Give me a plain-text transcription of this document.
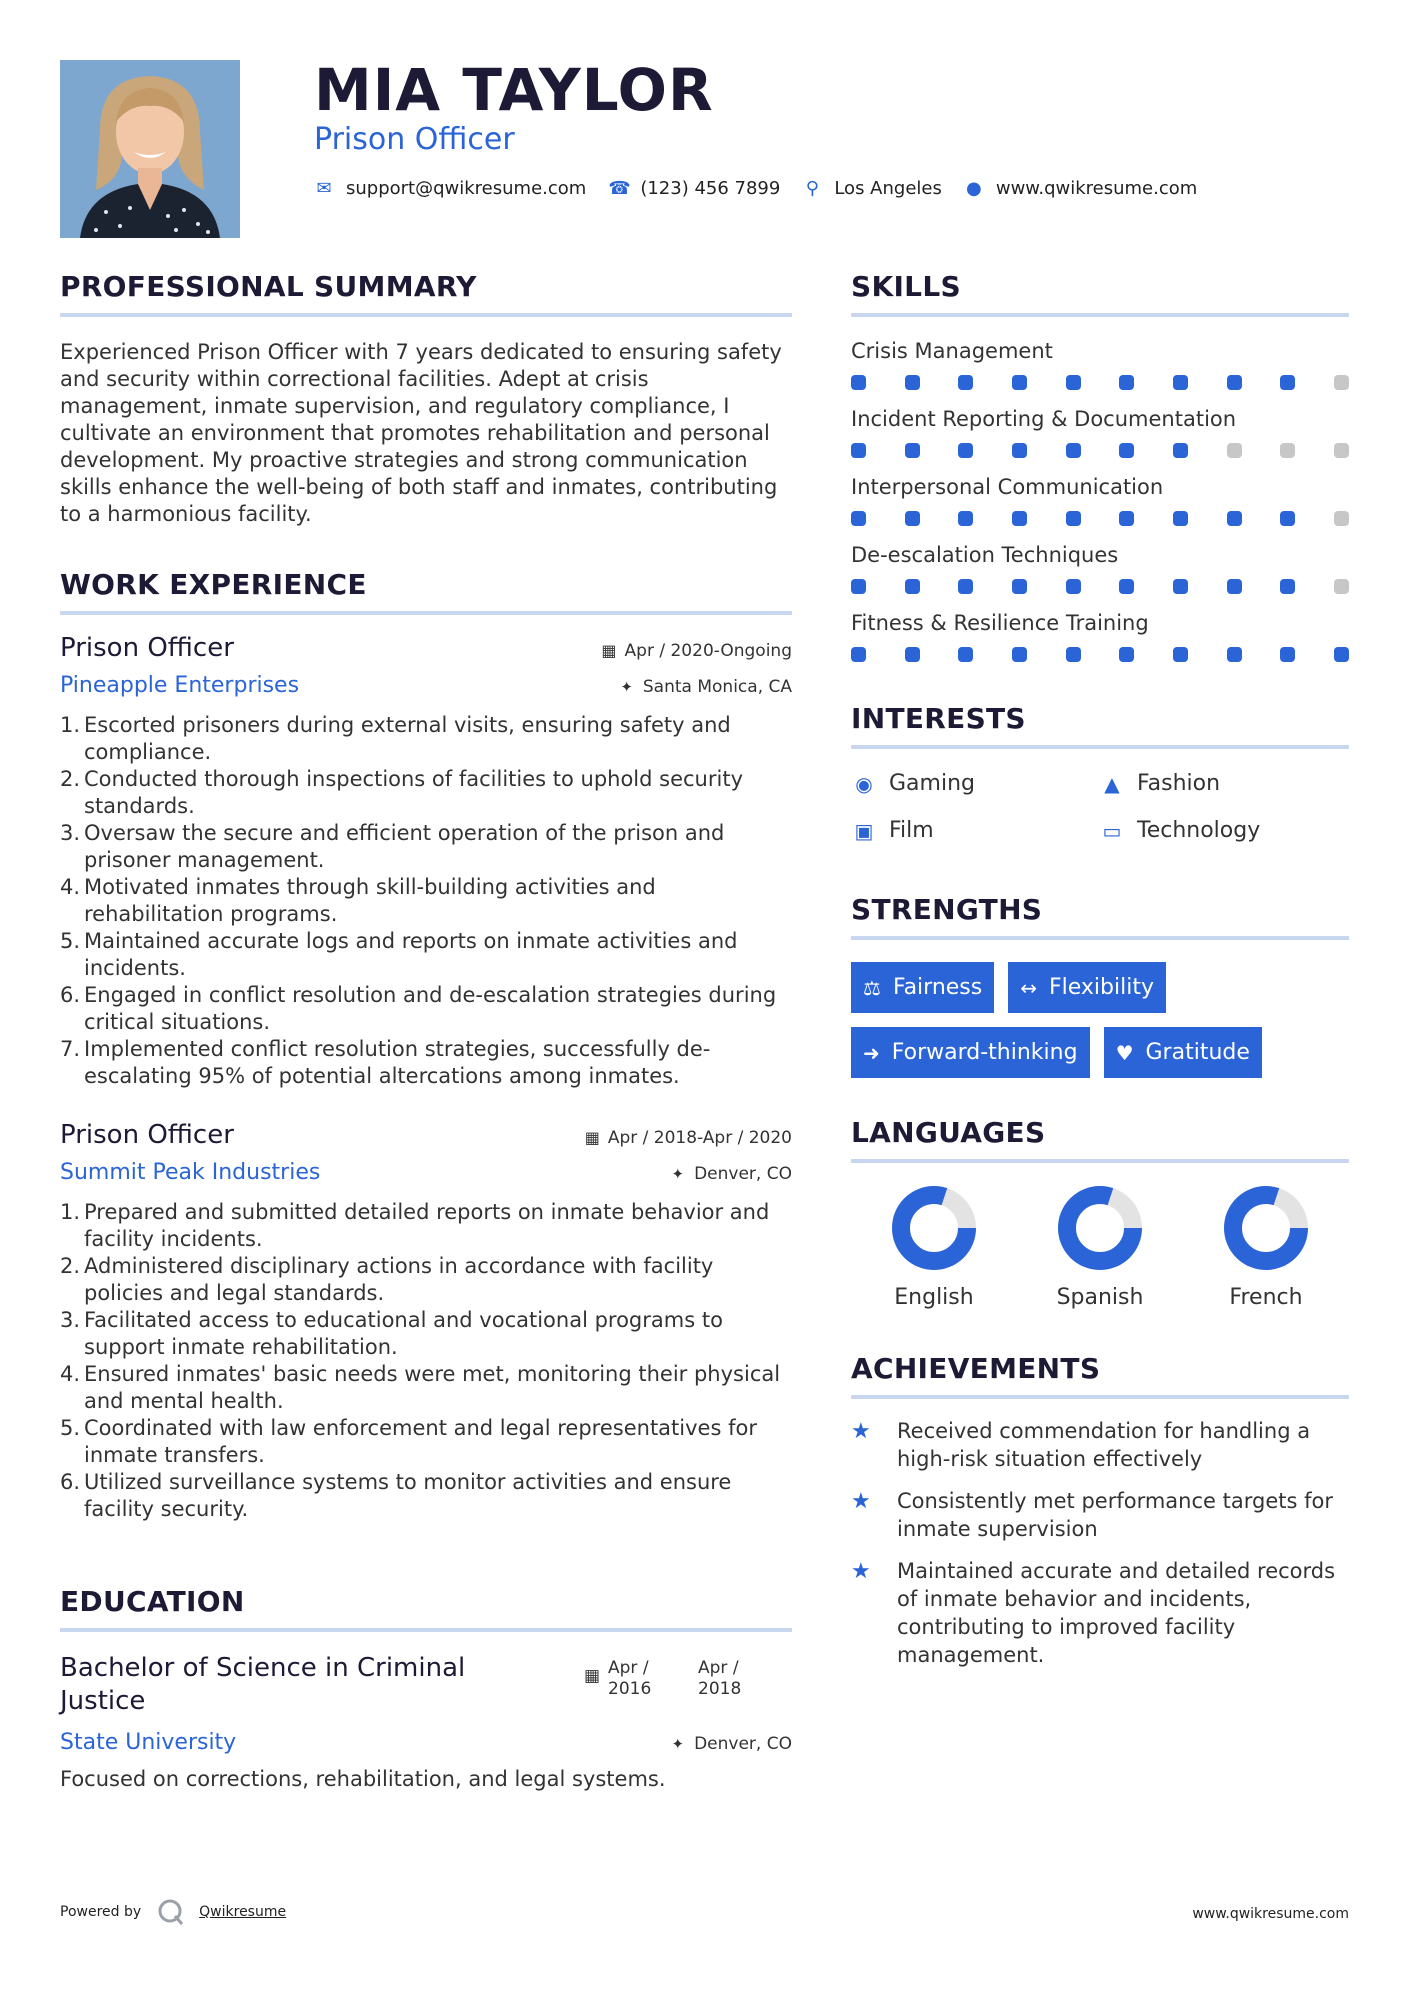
MIA TAYLOR
Prison Officer
✉ support@qwikresume.com ☎ (123) 456 7899 ⚲ Los Angeles ● www.qwikresume.com
PROFESSIONAL SUMMARY

Experienced Prison Officer with 7 years dedicated to ensuring safety and security within correctional facilities. Adept at crisis management, inmate supervision, and regulatory compliance, I cultivate an environment that promotes rehabilitation and personal development. My proactive strategies and strong communication skills enhance the well-being of both staff and inmates, contributing to a harmonious facility.

WORK EXPERIENCE
Prison Officer	▦ Apr / 2020-Ongoing
Pineapple Enterprises	✦ Santa Monica, CA
1 . Escorted prisoners during external visits, ensuring safety and compliance.
2 . Conducted thorough inspections of facilities to uphold security standards.
3 . Oversaw the secure and efficient operation of the prison and prisoner management.
4 . Motivated inmates through skill-building activities and rehabilitation programs.
5 . Maintained accurate logs and reports on inmate activities and incidents.
6 . Engaged in conflict resolution and de-escalation strategies during critical situations.
7 . Implemented conflict resolution strategies, successfully de-escalating 95% of potential altercations among inmates.
Prison Officer	▦ Apr / 2018-Apr / 2020
Summit Peak Industries	✦ Denver, CO
1 . Prepared and submitted detailed reports on inmate behavior and facility incidents.
2 . Administered disciplinary actions in accordance with facility policies and legal standards.
3 . Facilitated access to educational and vocational programs to support inmate rehabilitation.
4 . Ensured inmates' basic needs were met, monitoring their physical and mental health.
5 . Coordinated with law enforcement and legal representatives for inmate transfers.
6 . Utilized surveillance systems to monitor activities and ensure facility security.
EDUCATION
Bachelor of Science in Criminal Justice
▦ Apr / 2016
Apr / 2018
State University	✦ Denver, CO

Focused on corrections, rehabilitation, and legal systems.

SKILLS
Crisis Management
Incident Reporting & Documentation
Interpersonal Communication
De-escalation Techniques
Fitness & Resilience Training
INTERESTS
◉ Gaming	▲ Fashion
▣ Film	▭ Technology
STRENGTHS
⚖ Fairness ↔ Flexibility
➜ Forward-thinking ♥ Gratitude
LANGUAGES
English	Spanish	French
ACHIEVEMENTS
★	Received commendation for handling a high-risk situation effectively
★	Consistently met performance targets for inmate supervision
★	Maintained accurate and detailed records of inmate behavior and incidents, contributing to improved facility management.
Powered by	Qwikresume	www.qwikresume.com
